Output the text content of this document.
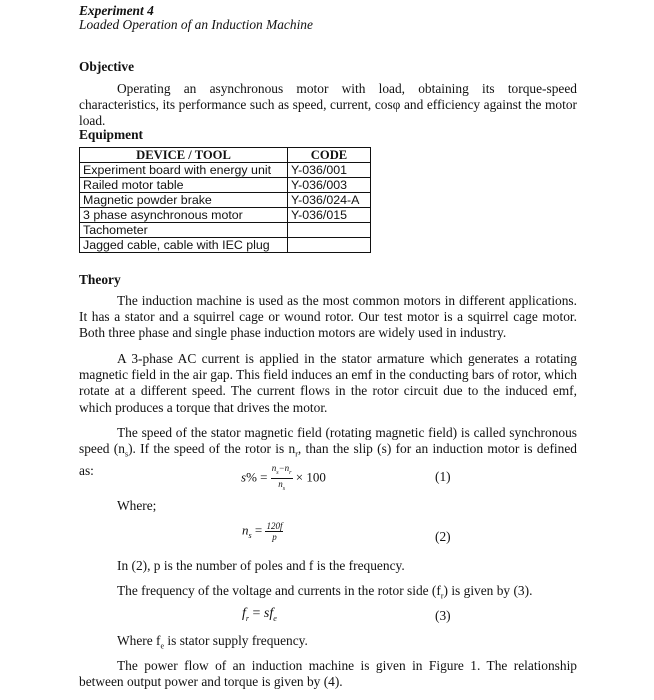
Experiment 4
Loaded Operation of an Induction Machine
Objective
Operating an asynchronous motor with load, obtaining its torque-speed characteristics, its performance such as speed, current, cosφ and efficiency against the motor load.
Equipment
DEVICE / TOOL	CODE
Experiment board with energy unit	Y-036/001
Railed motor table	Y-036/003
Magnetic powder brake	Y-036/024-A
3 phase asynchronous motor	Y-036/015
Tachometer	
Jagged cable, cable with IEC plug	
Theory
The induction machine is used as the most common motors in different applications. It has a stator and a squirrel cage or wound rotor. Our test motor is a squirrel cage motor. Both three phase and single phase induction motors are widely used in industry.
A 3-phase AC current is applied in the stator armature which generates a rotating magnetic field in the air gap. This field induces an emf in the conducting bars of rotor, which rotate at a different speed. The current flows in the rotor circuit due to the induced emf, which produces a torque that drives the motor.
The speed of the stator magnetic field (rotating magnetic field) is called synchronous speed $(n_s)$. If the speed of the rotor is $n_r$, than the slip (s) for an induction motor is defined as:	$s\% = \frac{n_s-n_r}{n_s} \times 100$	(1)
Where;
$n_s = \frac{120f}{p}$	(2)
In (2), p is the number of poles and f is the frequency.
The frequency of the voltage and currents in the rotor side $(f_r)$ is given by (3).
$f_r = sf_e$	(3)
Where $f_e$ is stator supply frequency.
The power flow of an induction machine is given in Figure 1. The relationship between output power and torque is given by (4).
